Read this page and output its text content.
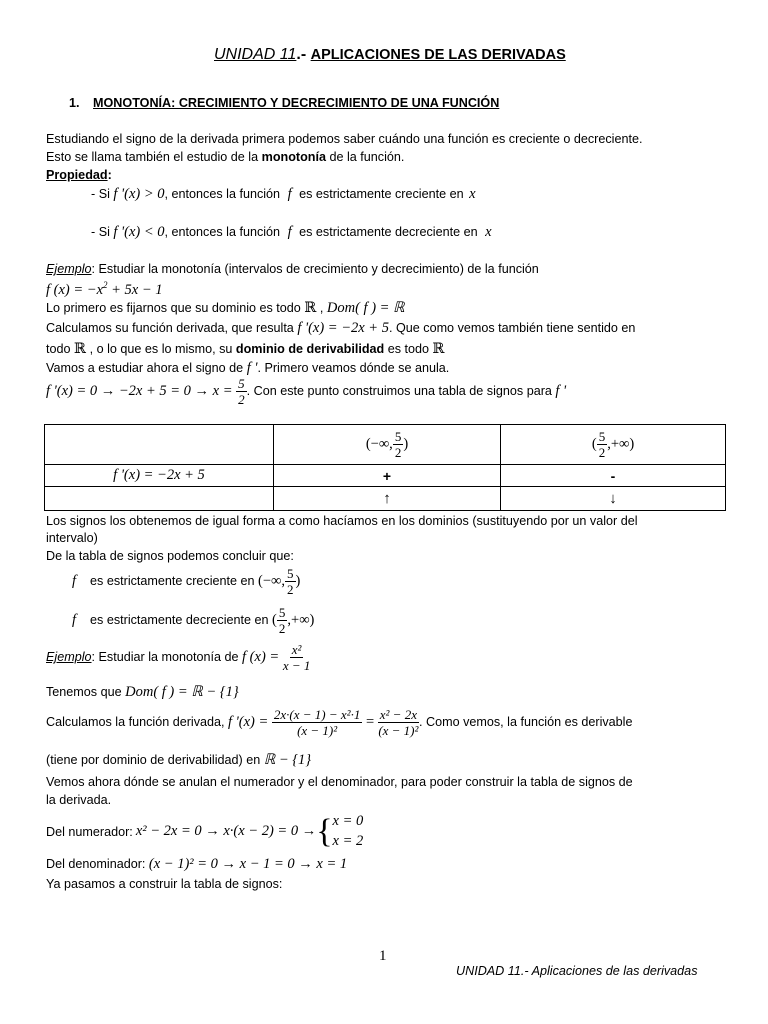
UNIDAD 11.- APLICACIONES DE LAS DERIVADAS
1. MONOTONÍA: CRECIMIENTO Y DECRECIMIENTO DE UNA FUNCIÓN
Estudiando el signo de la derivada primera podemos saber cuándo una función es creciente o decreciente.
Esto se llama también el estudio de la monotonía de la función.
Propiedad:
- Si f '(x) > 0, entonces la función f es estrictamente creciente en x
- Si f '(x) < 0, entonces la función f es estrictamente decreciente en x
Ejemplo: Estudiar la monotonía (intervalos de crecimiento y decrecimiento) de la función
f $(x) = -x^2 + 5x - 1$
Lo primero es fijarnos que su dominio es todo ℝ , Dom( f ) = ℝ
Calculamos su función derivada, que resulta f '(x) = −2x + 5. Que como vemos también tiene sentido en
todo ℝ , o lo que es lo mismo, su dominio de derivabilidad es todo ℝ
Vamos a estudiar ahora el signo de f '. Primero veamos dónde se anula.
f '$(x) = 0 \to -2x + 5 = 0 \to x = \frac{5}{2}$ . Con este punto construimos una tabla de signos para f '
	(−∞, $\frac{5}{2}$ )	( $\frac{5}{2}$ ,+∞)
f '(x) = −2x + 5	+	-
	↑	↓
Los signos los obtenemos de igual forma a como hacíamos en los dominios (sustituyendo por un valor del
intervalo)
De la tabla de signos podemos concluir que:
f es estrictamente creciente en (−∞, $\frac{5}{2}$ )
f es estrictamente decreciente en ( $\frac{5}{2}$ ,+∞)
Ejemplo: Estudiar la monotonía de f $(x) = \frac{\text{x²}}{x - 1}$
Tenemos que Dom( f ) = ℝ − {1}
Calculamos la función derivada, f '$(x) = \frac{\text{2x·(x − 1) − x²·1}}{\text{(x − 1)²}} = \frac{\text{x² − 2x}}{\text{(x − 1)²}}$ . Como vemos, la función es derivable
(tiene por dominio de derivabilidad) en ℝ − {1}
Vemos ahora dónde se anulan el numerador y el denominador, para poder construir la tabla de signos de
la derivada.
Del numerador: x² − 2x = 0 → x·(x − 2) = 0 → { x = 0
x = 2
Del denominador: (x − 1)² = 0 → x − 1 = 0 → x = 1
Ya pasamos a construir la tabla de signos:
1
UNIDAD 11.- Aplicaciones de las derivadas
